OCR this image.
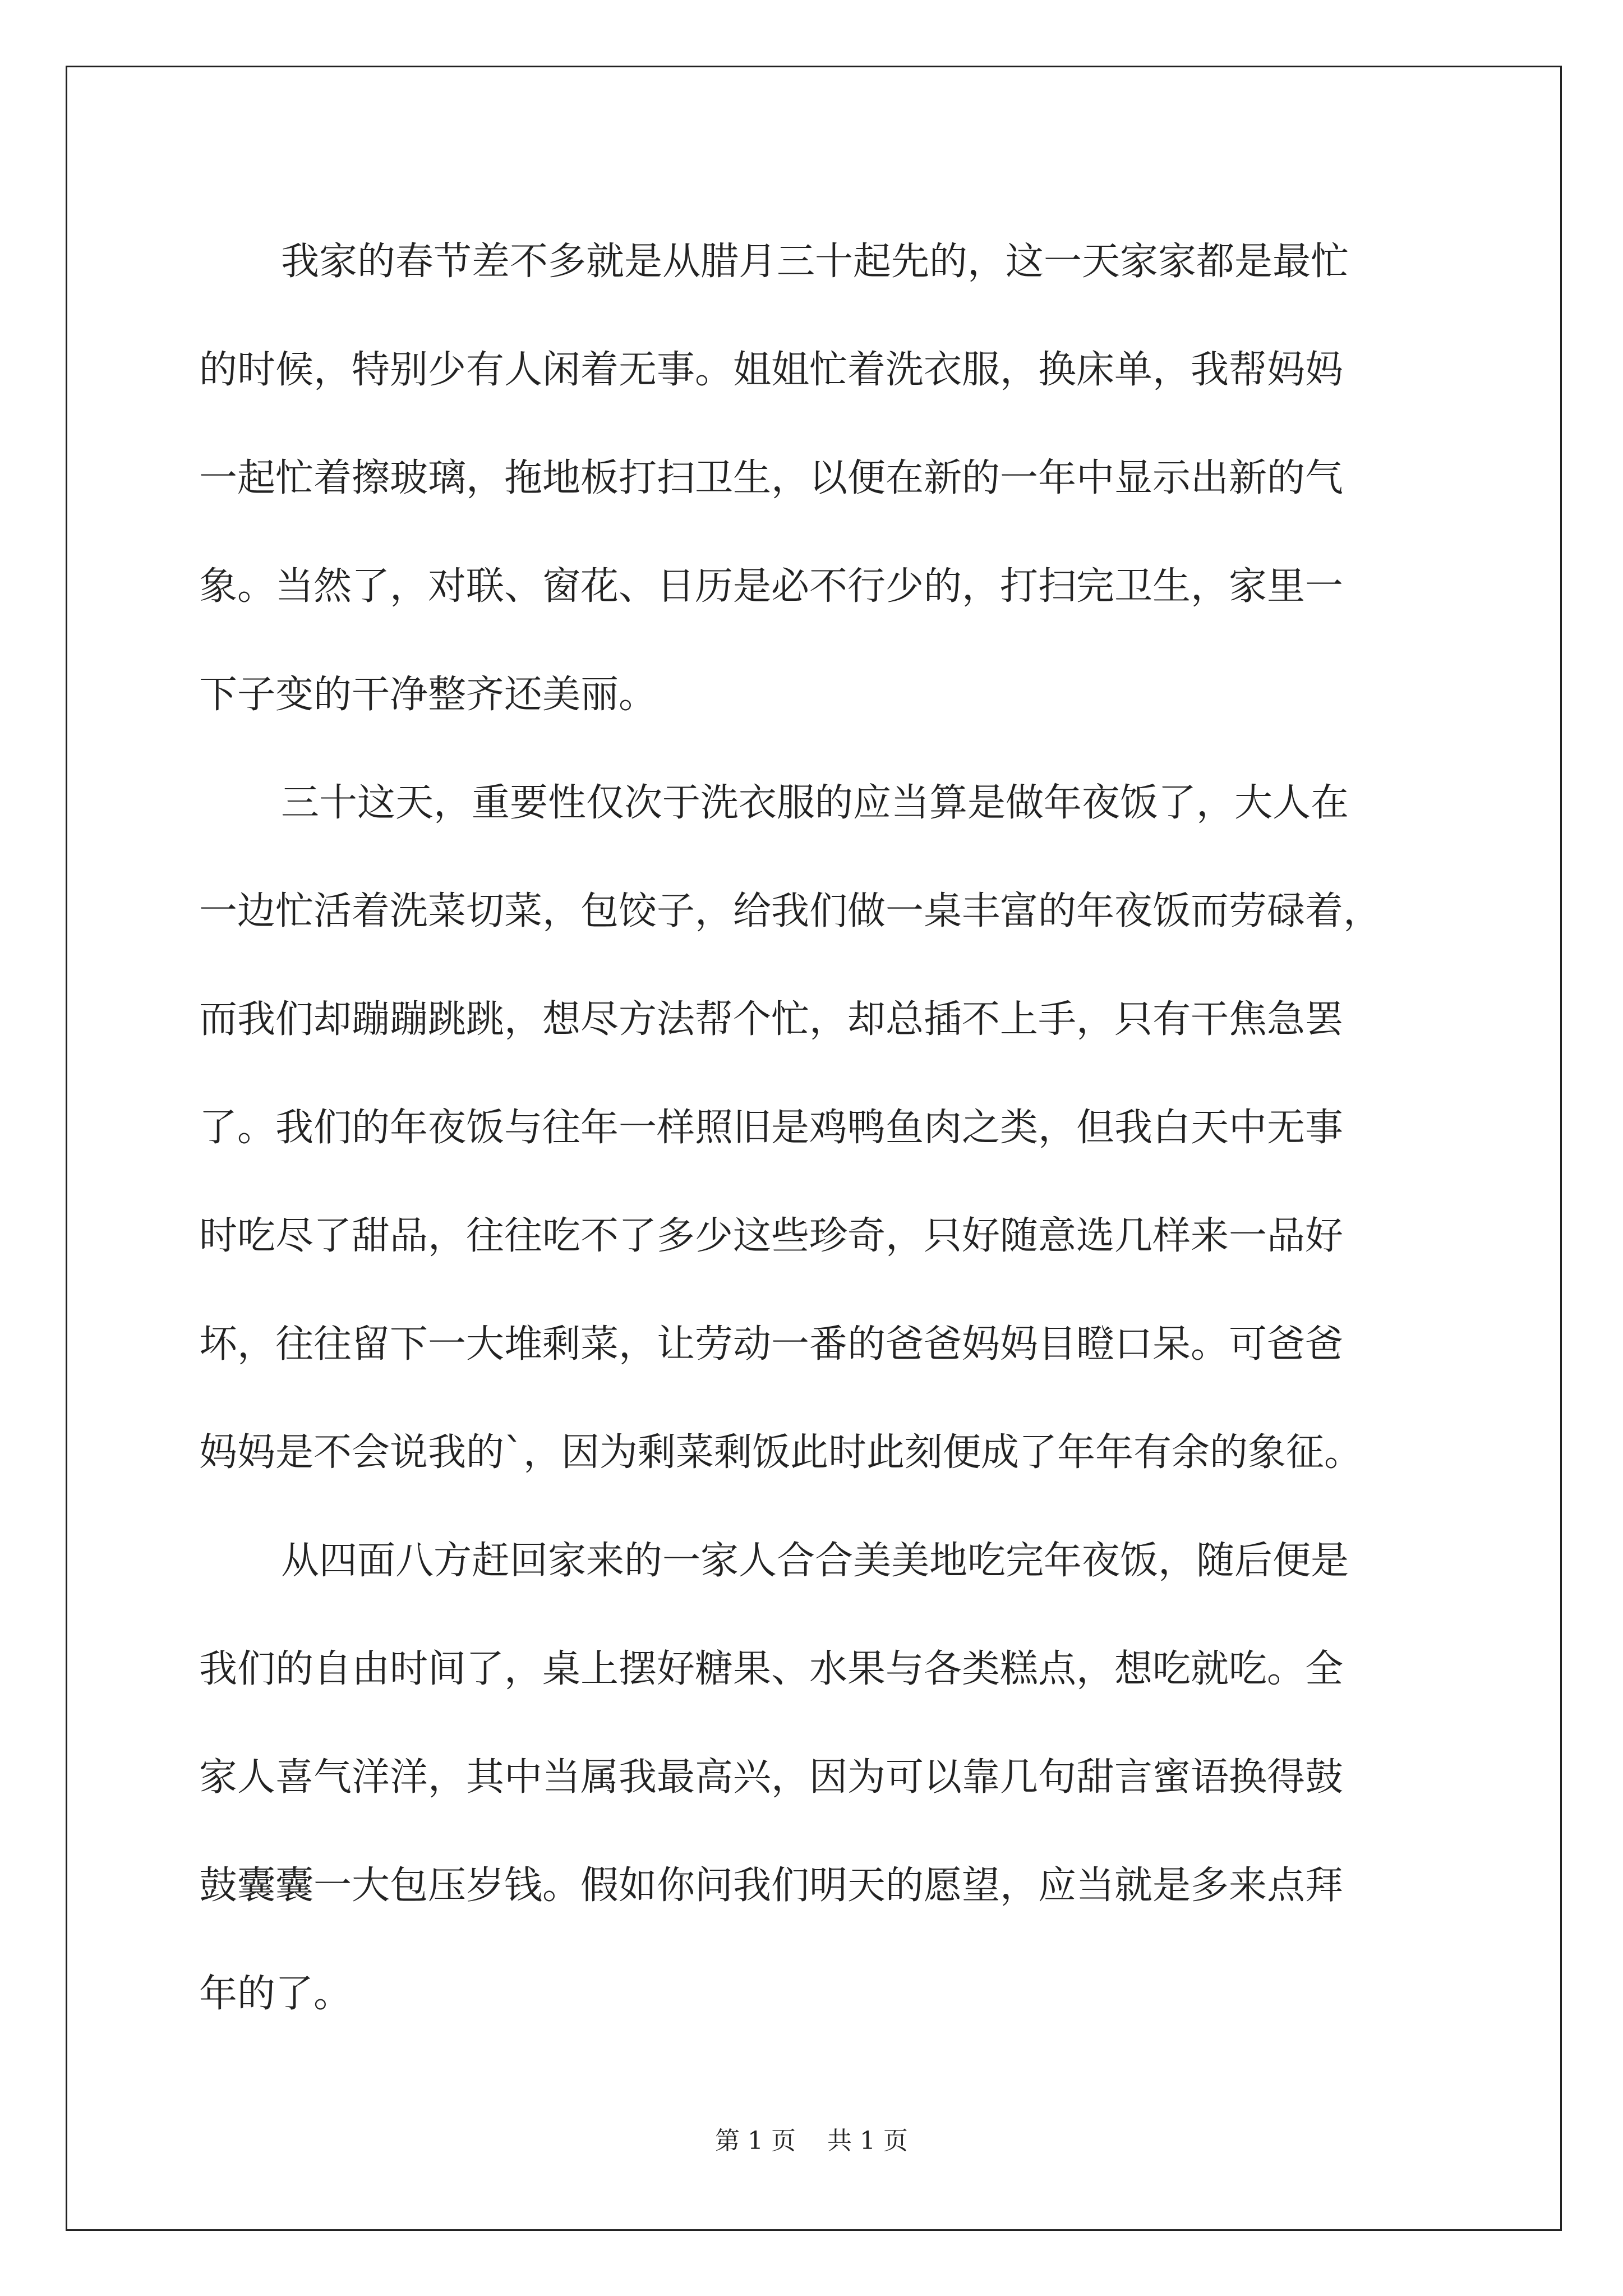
我家的春节差不多就是从腊月三十起先的，这一天家家都是最忙
的时候，特别少有人闲着无事。姐姐忙着洗衣服，换床单，我帮妈妈
一起忙着擦玻璃，拖地板打扫卫生，以便在新的一年中显示出新的气
象。当然了，对联、窗花、日历是必不行少的，打扫完卫生，家里一
下子变的干净整齐还美丽。

三十这天，重要性仅次于洗衣服的应当算是做年夜饭了，大人在
一边忙活着洗菜切菜，包饺子，给我们做一桌丰富的年夜饭而劳碌着，
而我们却蹦蹦跳跳，想尽方法帮个忙，却总插不上手，只有干焦急罢
了。我们的年夜饭与往年一样照旧是鸡鸭鱼肉之类，但我白天中无事
时吃尽了甜品，往往吃不了多少这些珍奇，只好随意选几样来一品好
坏，往往留下一大堆剩菜，让劳动一番的爸爸妈妈目瞪口呆。可爸爸
妈妈是不会说我的`，因为剩菜剩饭此时此刻便成了年年有余的象征。

从四面八方赶回家来的一家人合合美美地吃完年夜饭，随后便是
我们的自由时间了，桌上摆好糖果、水果与各类糕点，想吃就吃。全
家人喜气洋洋，其中当属我最高兴，因为可以靠几句甜言蜜语换得鼓
鼓囊囊一大包压岁钱。假如你问我们明天的愿望，应当就是多来点拜
年的了。

第 1 页    共 1 页
